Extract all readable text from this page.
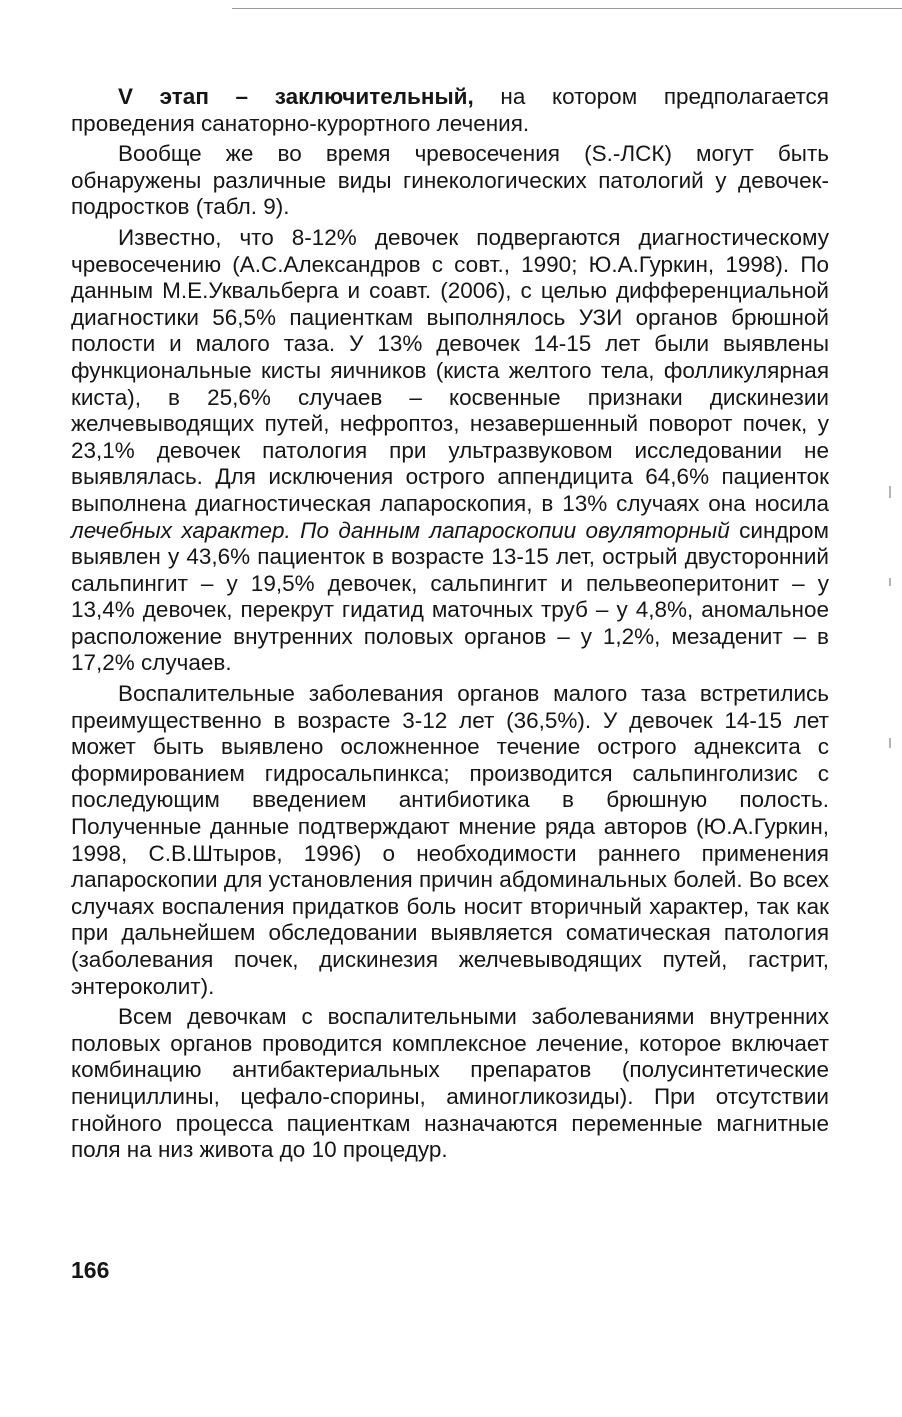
V этап – заключительный, на котором предполагается проведения санаторно-курортного лечения.

Вообще же во время чревосечения (S.-ЛСК) могут быть обнаружены различные виды гинекологических патологий у девочек-подростков (табл. 9).

Известно, что 8-12% девочек подвергаются диагностическому чревосечению (А.С.Александров с совт., 1990; Ю.А.Гуркин, 1998). По данным М.Е.Уквальберга и соавт. (2006), с целью дифференциальной диагностики 56,5% пациенткам выполнялось УЗИ органов брюшной полости и малого таза. У 13% девочек 14-15 лет были выявлены функциональные кисты яичников (киста желтого тела, фолликулярная киста), в 25,6% случаев – косвенные признаки дискинезии желчевыводящих путей, нефроптоз, незавершенный поворот почек, у 23,1% девочек патология при ультразвуковом исследовании не выявлялась. Для исключения острого аппендицита 64,6% пациенток выполнена диагностическая лапароскопия, в 13% случаях она носила лечебных характер. По данным лапароскопии овуляторный синдром выявлен у 43,6% пациенток в возрасте 13-15 лет, острый двусторонний сальпингит – у 19,5% девочек, сальпингит и пельвеоперитонит – у 13,4% девочек, перекрут гидатид маточных труб – у 4,8%, аномальное расположение внутренних половых органов – у 1,2%, мезаденит – в 17,2% случаев.

Воспалительные заболевания органов малого таза встретились преимущественно в возрасте 3-12 лет (36,5%). У девочек 14-15 лет может быть выявлено осложненное течение острого аднексита с формированием гидросальпинкса; производится сальпинголизис с последующим введением антибиотика в брюшную полость. Полученные данные подтверждают мнение ряда авторов (Ю.А.Гуркин, 1998, С.В.Штыров, 1996) о необходимости раннего применения лапароскопии для установления причин абдоминальных болей. Во всех случаях воспаления придатков боль носит вторичный характер, так как при дальнейшем обследовании выявляется соматическая патология (заболевания почек, дискинезия желчевыводящих путей, гастрит, энтероколит).

Всем девочкам с воспалительными заболеваниями внутренних половых органов проводится комплексное лечение, которое включает комбинацию антибактериальных препаратов (полусинтетические пенициллины, цефало-спорины, аминогликозиды). При отсутствии гнойного процесса пациенткам назначаются переменные магнитные поля на низ живота до 10 процедур.

166
